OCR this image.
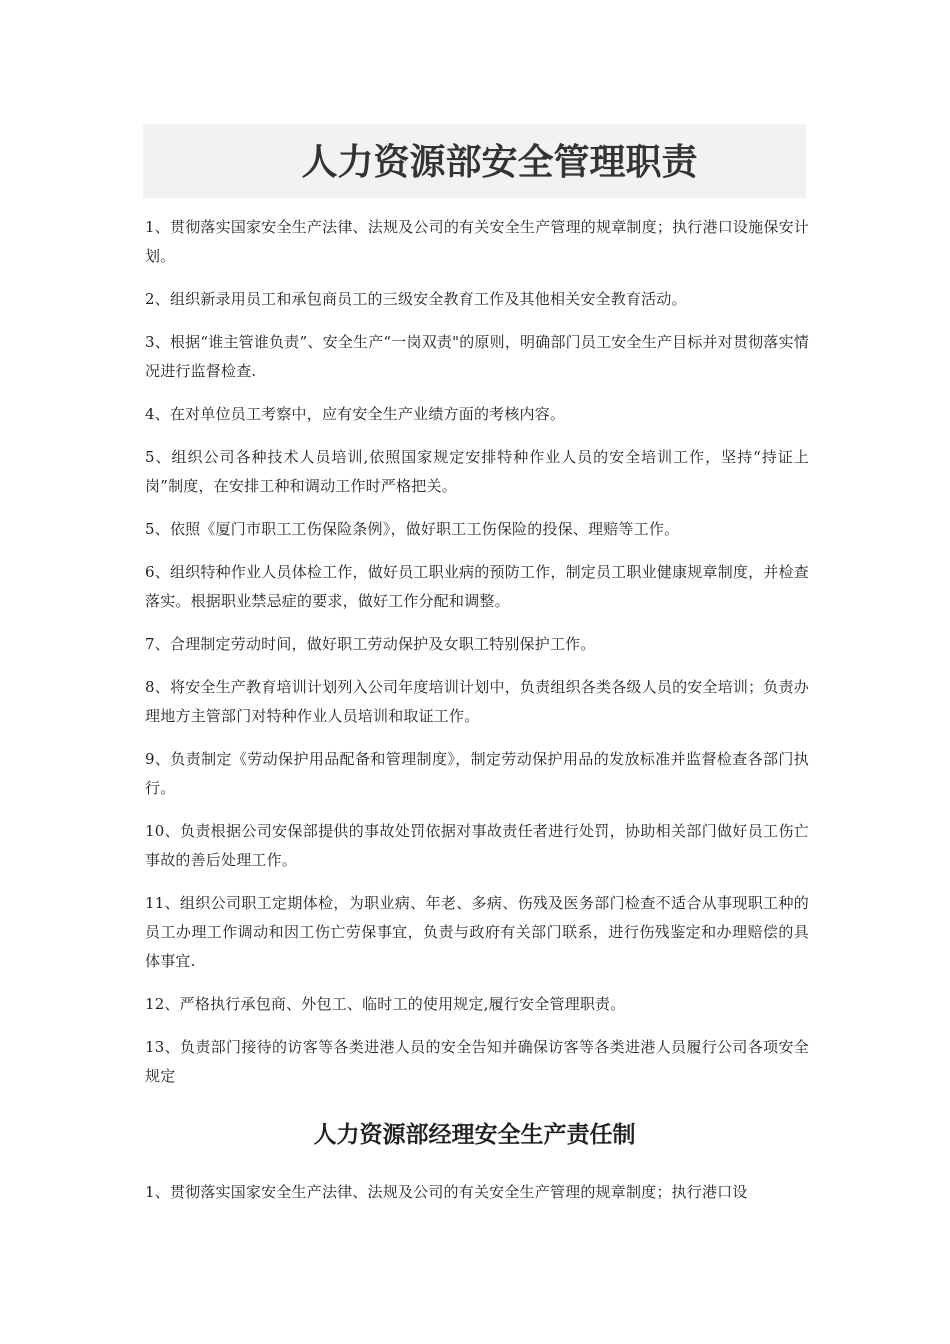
人力资源部安全管理职责
1、贯彻落实国家安全生产法律、法规及公司的有关安全生产管理的规章制度；执行港口设施保安计划。
2、组织新录用员工和承包商员工的三级安全教育工作及其他相关安全教育活动。
3、根据“谁主管谁负责”、安全生产“一岗双责"的原则，明确部门员工安全生产目标并对贯彻落实情况进行监督检查.
4、在对单位员工考察中，应有安全生产业绩方面的考核内容。
5、组织公司各种技术人员培训,依照国家规定安排特种作业人员的安全培训工作，坚持“持证上岗”制度，在安排工种和调动工作时严格把关。
5、依照《厦门市职工工伤保险条例》，做好职工工伤保险的投保、理赔等工作。
6、组织特种作业人员体检工作，做好员工职业病的预防工作，制定员工职业健康规章制度，并检查落实。根据职业禁忌症的要求，做好工作分配和调整。
7、合理制定劳动时间，做好职工劳动保护及女职工特别保护工作。
8、将安全生产教育培训计划列入公司年度培训计划中，负责组织各类各级人员的安全培训；负责办理地方主管部门对特种作业人员培训和取证工作。
9、负责制定《劳动保护用品配备和管理制度》，制定劳动保护用品的发放标准并监督检查各部门执行。
10、负责根据公司安保部提供的事故处罚依据对事故责任者进行处罚，协助相关部门做好员工伤亡事故的善后处理工作。
11、组织公司职工定期体检，为职业病、年老、多病、伤残及医务部门检查不适合从事现职工种的员工办理工作调动和因工伤亡劳保事宜，负责与政府有关部门联系，进行伤残鉴定和办理赔偿的具体事宜.
12、严格执行承包商、外包工、临时工的使用规定,履行安全管理职责。
13、负责部门接待的访客等各类进港人员的安全告知并确保访客等各类进港人员履行公司各项安全规定
人力资源部经理安全生产责任制
1、贯彻落实国家安全生产法律、法规及公司的有关安全生产管理的规章制度；执行港口设
